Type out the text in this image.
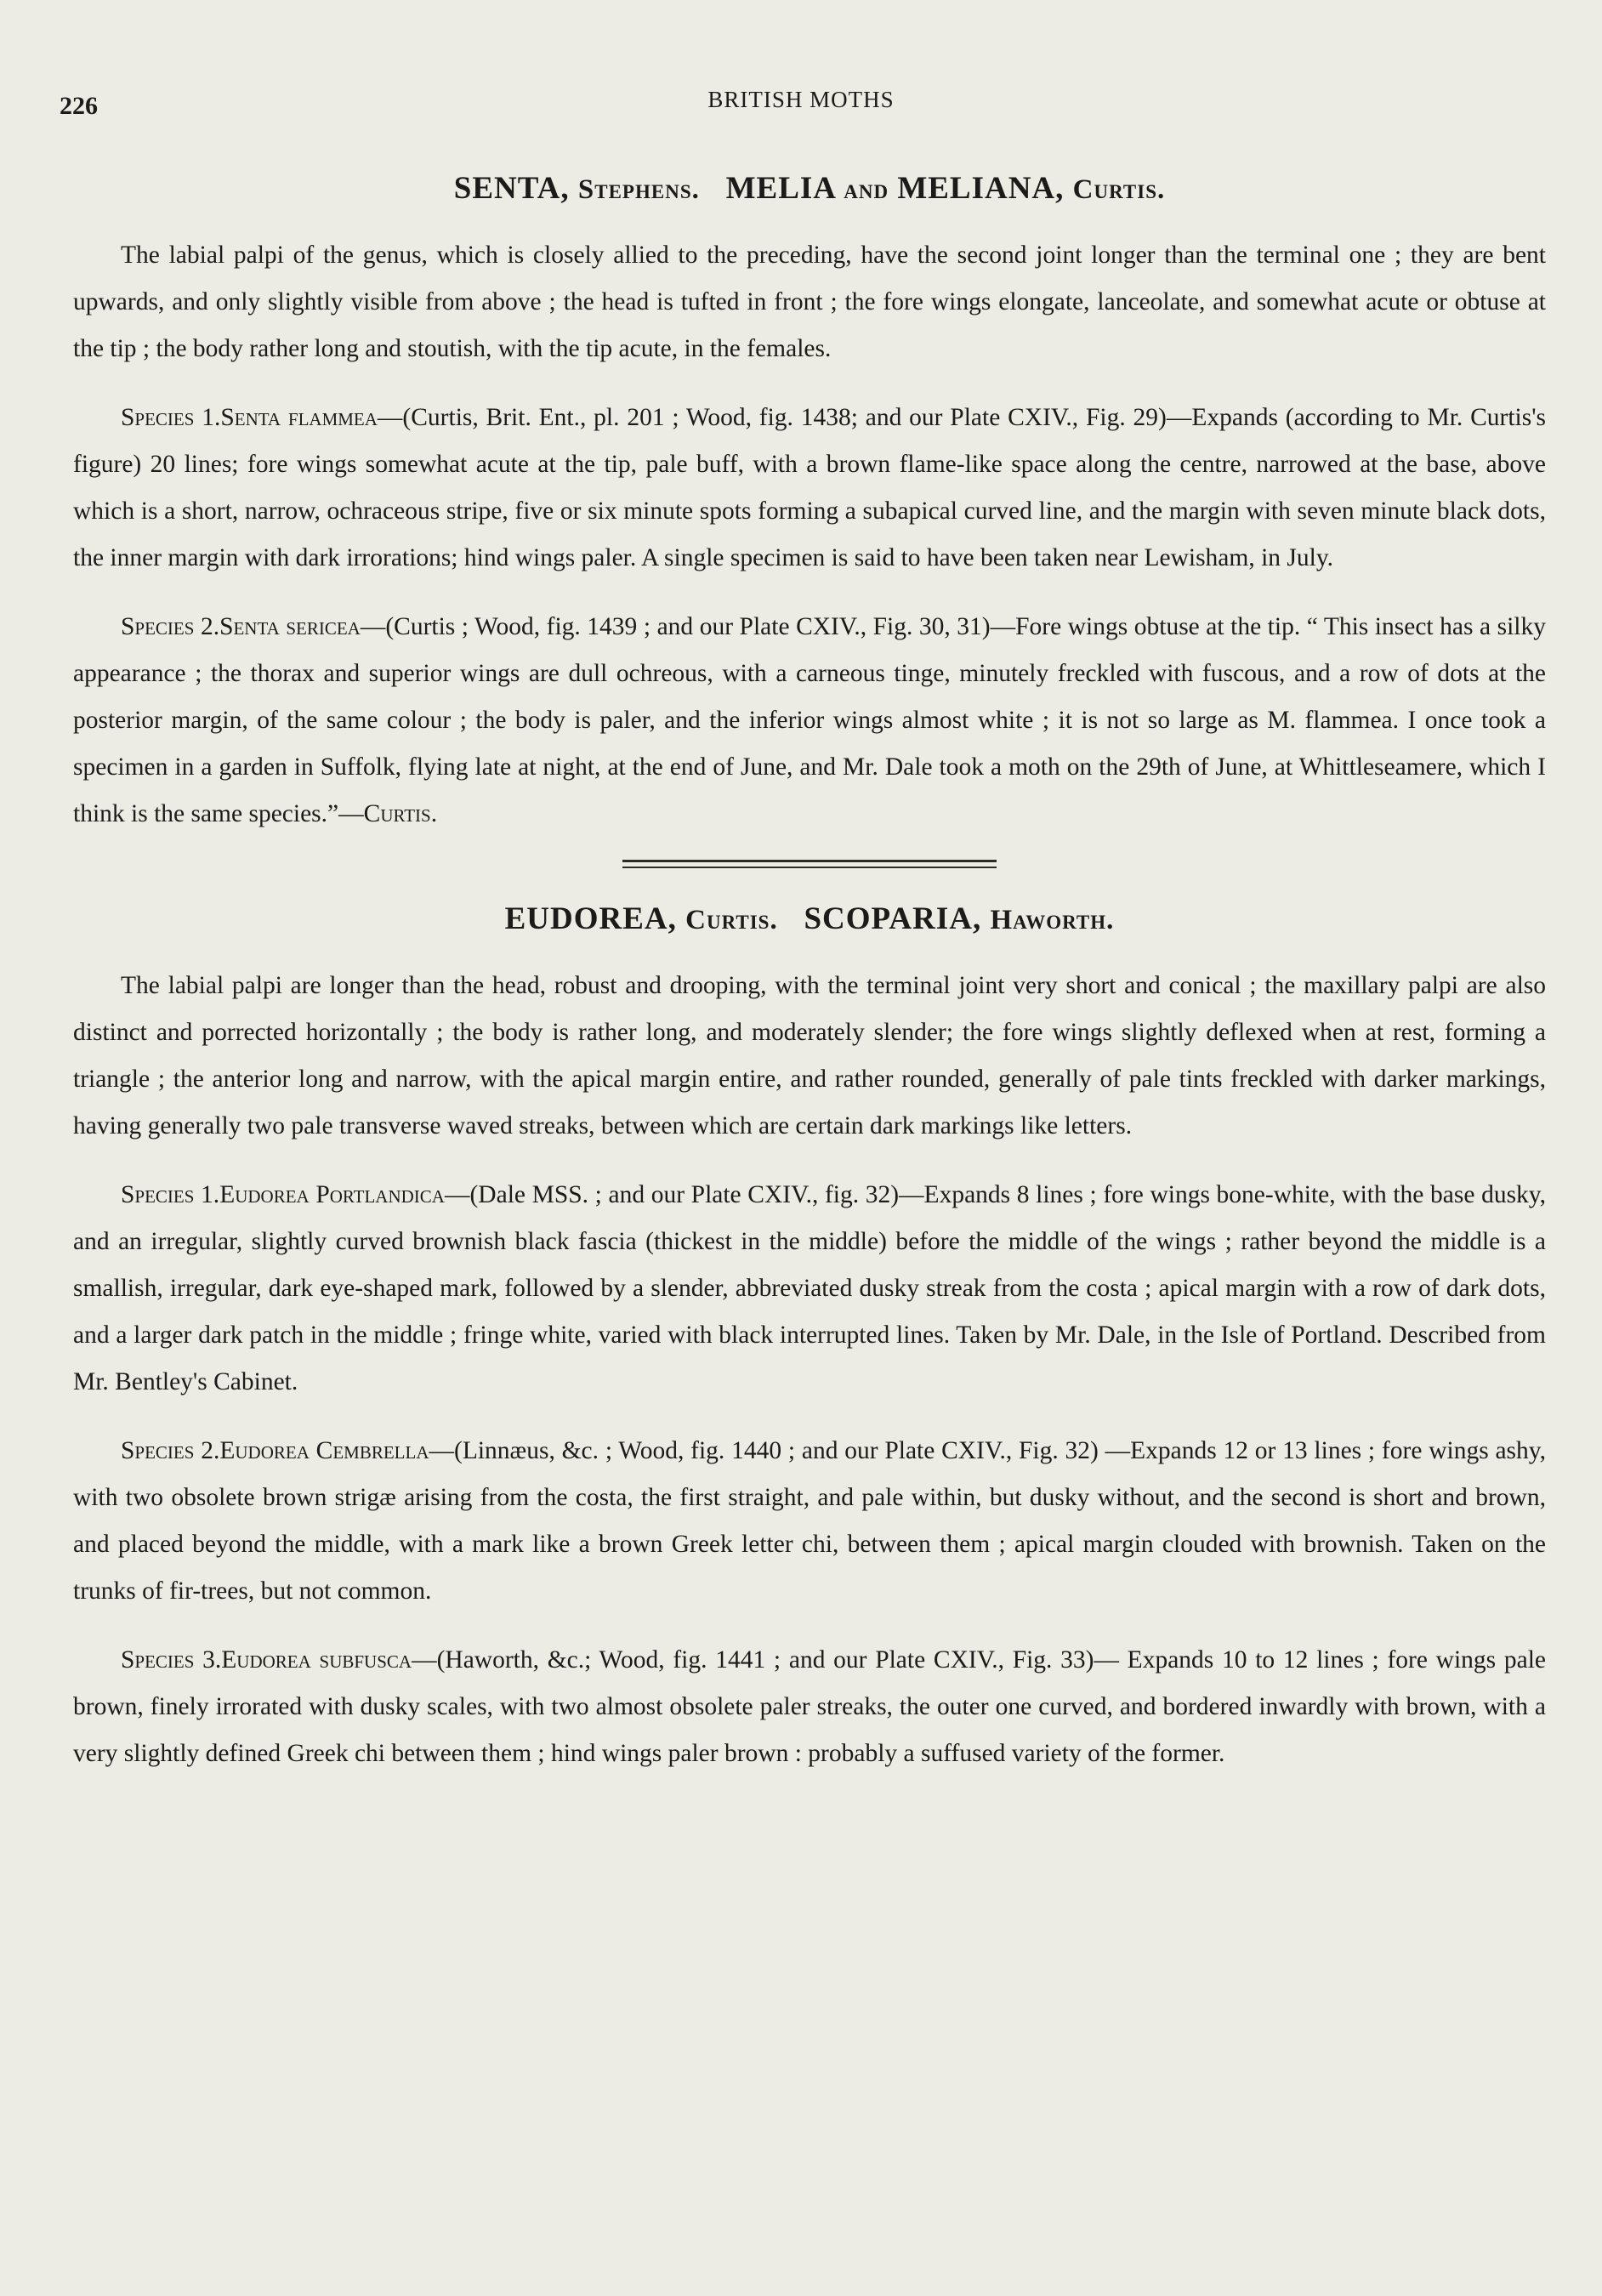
226	BRITISH MOTHS
SENTA, Stephens. MELIA and MELIANA, Curtis.

The labial palpi of the genus, which is closely allied to the preceding, have the second joint longer than the terminal one ; they are bent upwards, and only slightly visible from above ; the head is tufted in front ; the fore wings elongate, lanceolate, and somewhat acute or obtuse at the tip ; the body rather long and stoutish, with the tip acute, in the females.

Species 1.Senta flammea—(Curtis, Brit. Ent., pl. 201 ; Wood, fig. 1438; and our Plate CXIV., Fig. 29)—Expands (according to Mr. Curtis's figure) 20 lines; fore wings somewhat acute at the tip, pale buff, with a brown flame-like space along the centre, narrowed at the base, above which is a short, narrow, ochraceous stripe, five or six minute spots forming a subapical curved line, and the margin with seven minute black dots, the inner margin with dark irrorations; hind wings paler. A single specimen is said to have been taken near Lewisham, in July.

Species 2.Senta sericea—(Curtis ; Wood, fig. 1439 ; and our Plate CXIV., Fig. 30, 31)—Fore wings obtuse at the tip. “ This insect has a silky appearance ; the thorax and superior wings are dull ochreous, with a carneous tinge, minutely freckled with fuscous, and a row of dots at the posterior margin, of the same colour ; the body is paler, and the inferior wings almost white ; it is not so large as M. flammea. I once took a specimen in a garden in Suffolk, flying late at night, at the end of June, and Mr. Dale took a moth on the 29th of June, at Whittleseamere, which I think is the same species.”—Curtis.

EUDOREA, Curtis. SCOPARIA, Haworth.

The labial palpi are longer than the head, robust and drooping, with the terminal joint very short and conical ; the maxillary palpi are also distinct and porrected horizontally ; the body is rather long, and moderately slender; the fore wings slightly deflexed when at rest, forming a triangle ; the anterior long and narrow, with the apical margin entire, and rather rounded, generally of pale tints freckled with darker markings, having generally two pale transverse waved streaks, between which are certain dark markings like letters.

Species 1.Eudorea Portlandica—(Dale MSS. ; and our Plate CXIV., fig. 32)—Expands 8 lines ; fore wings bone-white, with the base dusky, and an irregular, slightly curved brownish black fascia (thickest in the middle) before the middle of the wings ; rather beyond the middle is a smallish, irregular, dark eye-shaped mark, followed by a slender, abbreviated dusky streak from the costa ; apical margin with a row of dark dots, and a larger dark patch in the middle ; fringe white, varied with black interrupted lines. Taken by Mr. Dale, in the Isle of Portland. Described from Mr. Bentley's Cabinet.

Species 2.Eudorea Cembrella—(Linnæus, &c. ; Wood, fig. 1440 ; and our Plate CXIV., Fig. 32) —Expands 12 or 13 lines ; fore wings ashy, with two obsolete brown strigæ arising from the costa, the first straight, and pale within, but dusky without, and the second is short and brown, and placed beyond the middle, with a mark like a brown Greek letter chi, between them ; apical margin clouded with brownish. Taken on the trunks of fir-trees, but not common.

Species 3.Eudorea subfusca—(Haworth, &c.; Wood, fig. 1441 ; and our Plate CXIV., Fig. 33)— Expands 10 to 12 lines ; fore wings pale brown, finely irrorated with dusky scales, with two almost obsolete paler streaks, the outer one curved, and bordered inwardly with brown, with a very slightly defined Greek chi between them ; hind wings paler brown : probably a suffused variety of the former.
